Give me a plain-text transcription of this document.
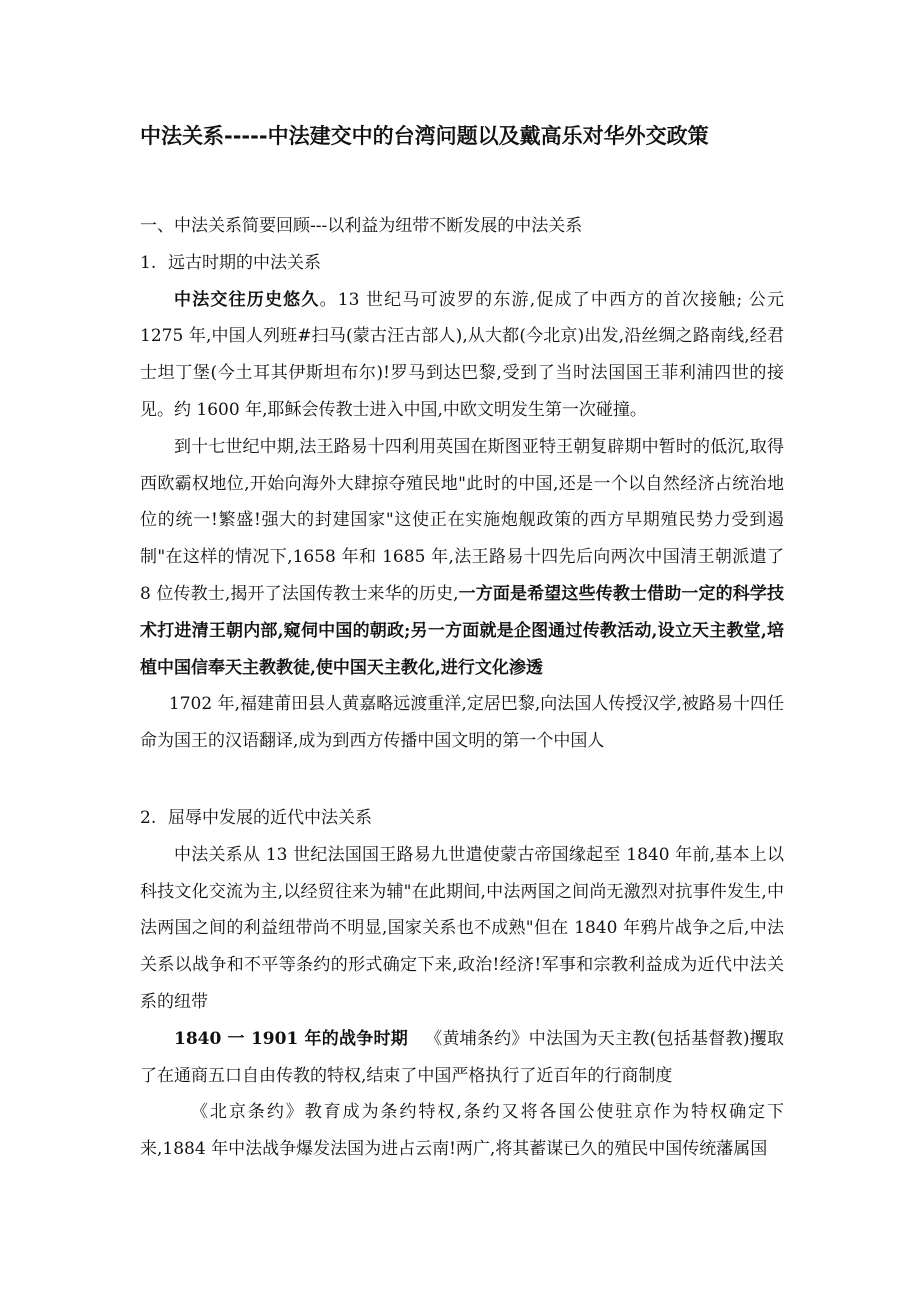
中法关系-----中法建交中的台湾问题以及戴高乐对华外交政策

一、中法关系简要回顾---以利益为纽带不断发展的中法关系

1. 远古时期的中法关系

中法交往历史悠久。13 世纪马可波罗的东游,促成了中西方的首次接触; 公元 1275 年,中国人列班#扫马(蒙古汪古部人),从大都(今北京)出发,沿丝绸之路南线,经君士坦丁堡(今土耳其伊斯坦布尔)!罗马到达巴黎,受到了当时法国国王菲利浦四世的接见。约 1600 年,耶稣会传教士进入中国,中欧文明发生第一次碰撞。

到十七世纪中期,法王路易十四利用英国在斯图亚特王朝复辟期中暂时的低沉,取得西欧霸权地位,开始向海外大肆掠夺殖民地"此时的中国,还是一个以自然经济占统治地位的统一!繁盛!强大的封建国家"这使正在实施炮舰政策的西方早期殖民势力受到遏制"在这样的情况下,1658 年和 1685 年,法王路易十四先后向两次中国清王朝派遣了 8 位传教士,揭开了法国传教士来华的历史,一方面是希望这些传教士借助一定的科学技术打进清王朝内部,窥伺中国的朝政;另一方面就是企图通过传教活动,设立天主教堂,培植中国信奉天主教教徒,使中国天主教化,进行文化渗透

1702 年,福建莆田县人黄嘉略远渡重洋,定居巴黎,向法国人传授汉学,被路易十四任命为国王的汉语翻译,成为到西方传播中国文明的第一个中国人

2. 屈辱中发展的近代中法关系

中法关系从 13 世纪法国国王路易九世遣使蒙古帝国缘起至 1840 年前,基本上以科技文化交流为主,以经贸往来为辅"在此期间,中法两国之间尚无激烈对抗事件发生,中法两国之间的利益纽带尚不明显,国家关系也不成熟"但在 1840 年鸦片战争之后,中法关系以战争和不平等条约的形式确定下来,政治!经济!军事和宗教利益成为近代中法关系的纽带

1840 一 1901 年的战争时期 《黄埔条约》中法国为天主教(包括基督教)攫取了在通商五口自由传教的特权,结束了中国严格执行了近百年的行商制度

《北京条约》教育成为条约特权,条约又将各国公使驻京作为特权确定下来,1884 年中法战争爆发法国为进占云南!两广,将其蓄谋已久的殖民中国传统藩属国
